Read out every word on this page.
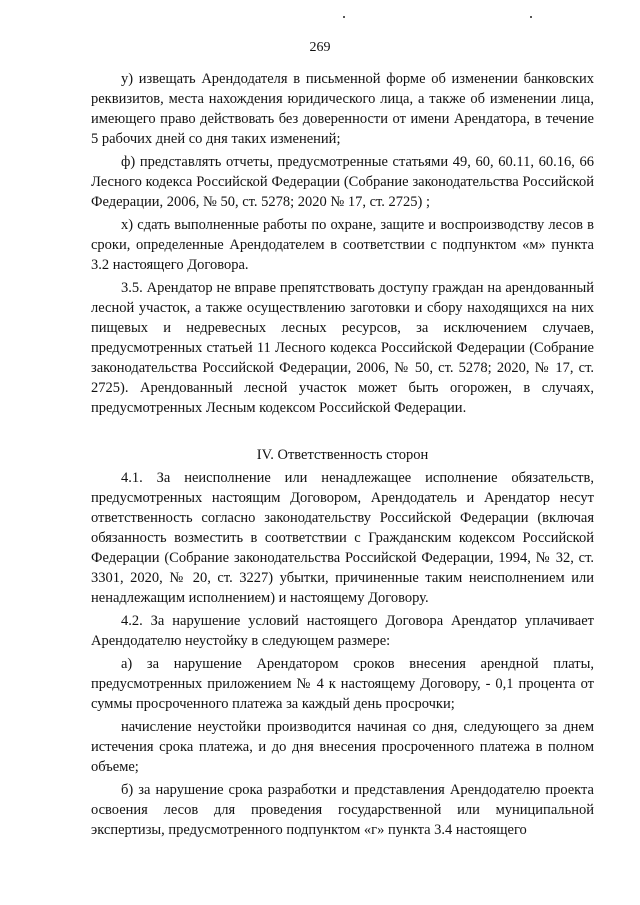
269

у) извещать Арендодателя в письменной форме об изменении банковских реквизитов, места нахождения юридического лица, а также об изменении лица, имеющего право действовать без доверенности от имени Арендатора, в течение 5 рабочих дней со дня таких изменений;

ф) представлять отчеты, предусмотренные статьями 49, 60, 60.11, 60.16, 66 Лесного кодекса Российской Федерации (Собрание законодательства Российской Федерации, 2006, № 50, ст. 5278; 2020 № 17, ст. 2725) ;

х) сдать выполненные работы по охране, защите и воспроизводству лесов в сроки, определенные Арендодателем в соответствии с подпунктом «м» пункта 3.2 настоящего Договора.

3.5. Арендатор не вправе препятствовать доступу граждан на арендованный лесной участок, а также осуществлению заготовки и сбору находящихся на них пищевых и недревесных лесных ресурсов, за исключением случаев, предусмотренных статьей 11 Лесного кодекса Российской Федерации (Собрание законодательства Российской Федерации, 2006, № 50, ст. 5278; 2020, № 17, ст. 2725). Арендованный лесной участок может быть огорожен, в случаях, предусмотренных Лесным кодексом Российской Федерации.

IV. Ответственность сторон

4.1. За неисполнение или ненадлежащее исполнение обязательств, предусмотренных настоящим Договором, Арендодатель и Арендатор несут ответственность согласно законодательству Российской Федерации (включая обязанность возместить в соответствии с Гражданским кодексом Российской Федерации (Собрание законодательства Российской Федерации, 1994, № 32, ст. 3301, 2020, № 20, ст. 3227) убытки, причиненные таким неисполнением или ненадлежащим исполнением) и настоящему Договору.

4.2. За нарушение условий настоящего Договора Арендатор уплачивает Арендодателю неустойку в следующем размере:

а) за нарушение Арендатором сроков внесения арендной платы, предусмотренных приложением № 4 к настоящему Договору, - 0,1 процента от суммы просроченного платежа за каждый день просрочки;

начисление неустойки производится начиная со дня, следующего за днем истечения срока платежа, и до дня внесения просроченного платежа в полном объеме;

б) за нарушение срока разработки и представления Арендодателю проекта освоения лесов для проведения государственной или муниципальной экспертизы, предусмотренного подпунктом «г» пункта 3.4 настоящего
